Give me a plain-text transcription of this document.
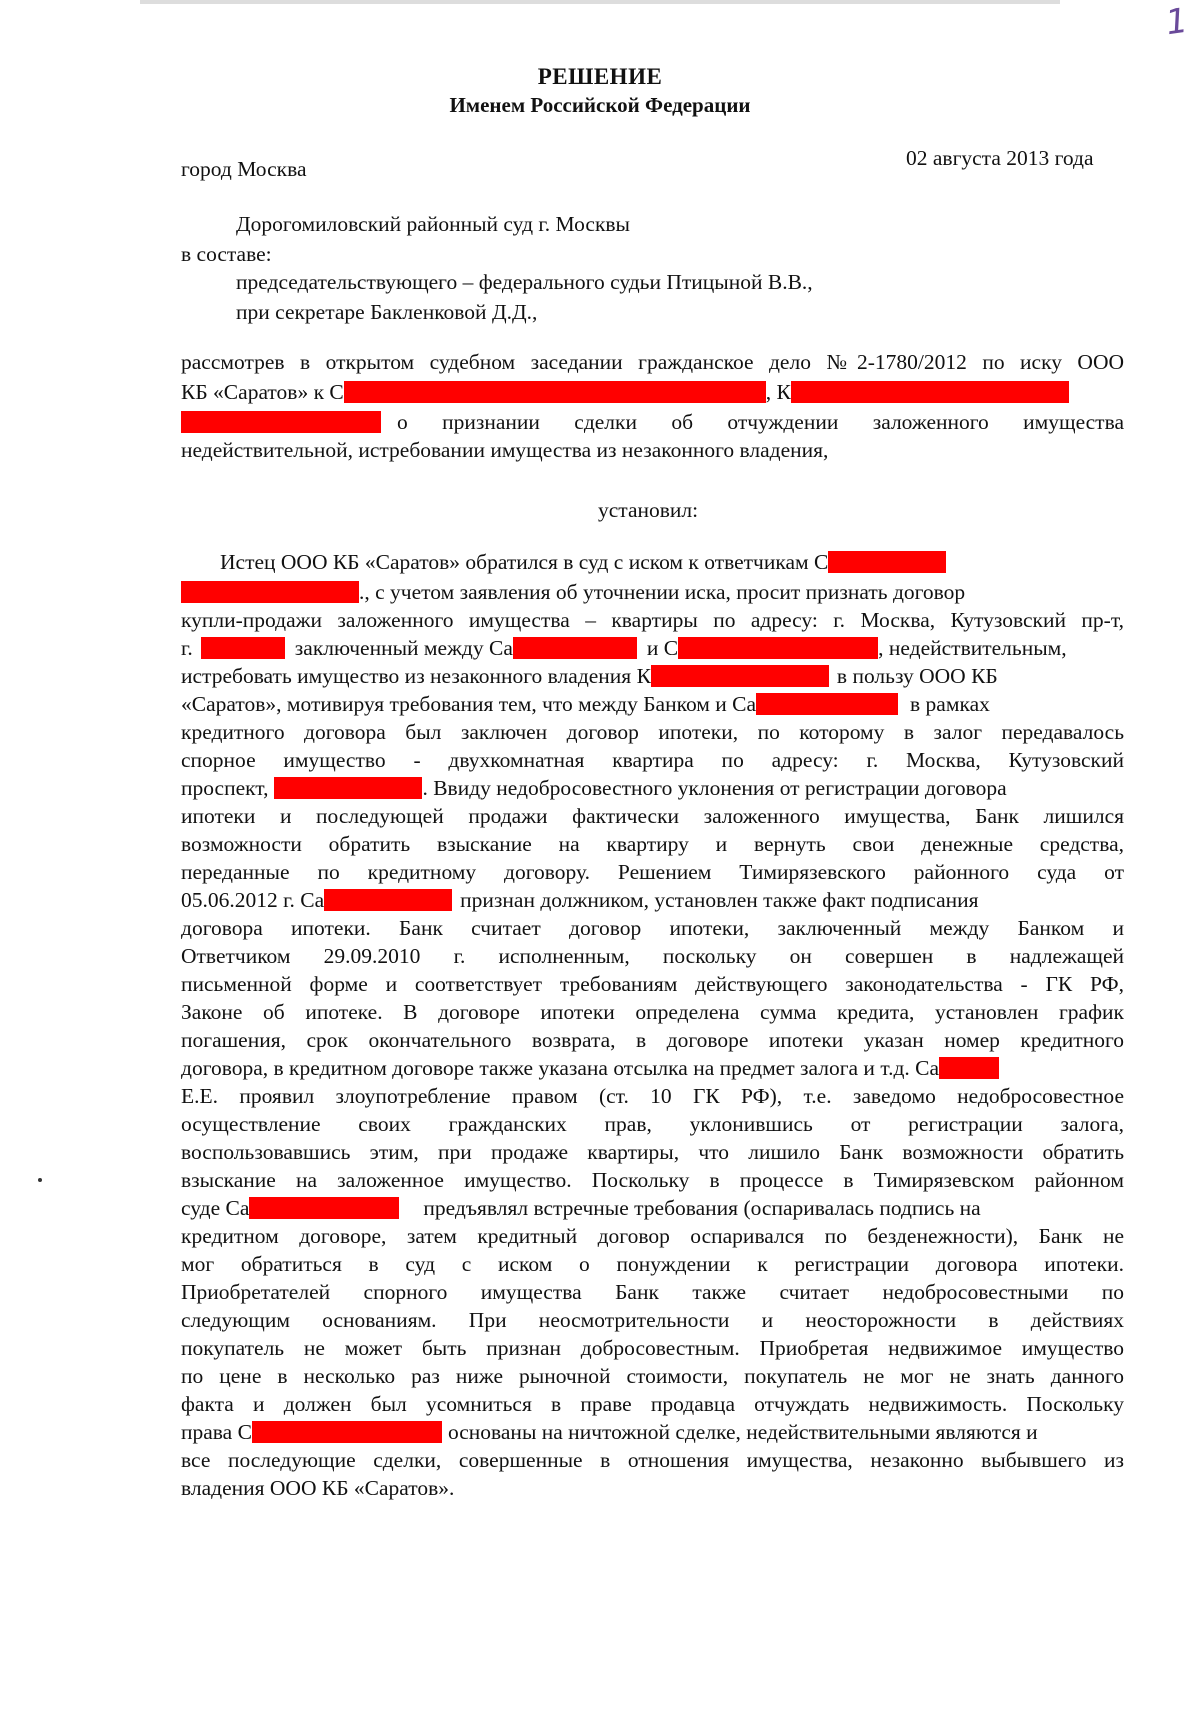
1
РЕШЕНИЕ
Именем Российской Федерации
город Москва	02 августа 2013 года
Дорогомиловский районный суд г. Москвы
в составе:
председательствующего – федерального судьи Птицыной В.В.,
при секретаре Бакленковой Д.Д.,
рассмотрев в открытом судебном заседании гражданское дело №2-1780/2012 по иску ООО
КБ «Саратов» к С	, К
о признании сделки об отчуждении заложенного имущества
недействительной, истребовании имущества из незаконного владения,
установил:
Истец ООО КБ «Саратов» обратился в суд с иском к ответчикам С
., с учетом заявления об уточнении иска, просит признать договор
купли-продажи заложенного имущества – квартиры по адресу: г. Москва, Кутузовский пр-т,
г.	заключенный между Са	и С	, недействительным,
истребовать имущество из незаконного владения К	в пользу ООО КБ
«Саратов», мотивируя требования тем, что между Банком и Са	в рамках
кредитного договора был заключен договор ипотеки, по которому в залог передавалось
спорное имущество - двухкомнатная квартира по адресу: г. Москва, Кутузовский
проспект,	. Ввиду недобросовестного уклонения от регистрации договора
ипотеки и последующей продажи фактически заложенного имущества, Банк лишился
возможности обратить взыскание на квартиру и вернуть свои денежные средства,
переданные по кредитному договору. Решением Тимирязевского районного суда от
05.06.2012 г. Са	признан должником, установлен также факт подписания
договора ипотеки. Банк считает договор ипотеки, заключенный между Банком и
Ответчиком 29.09.2010 г. исполненным, поскольку он совершен в надлежащей
письменной форме и соответствует требованиям действующего законодательства - ГК РФ,
Законе об ипотеке. В договоре ипотеки определена сумма кредита, установлен график
погашения, срок окончательного возврата, в договоре ипотеки указан номер кредитного
договора, в кредитном договоре также указана отсылка на предмет залога и т.д. Са
Е.Е. проявил злоупотребление правом (ст. 10 ГК РФ), т.е. заведомо недобросовестное
осуществление своих гражданских прав, уклонившись от регистрации залога,
воспользовавшись этим, при продаже квартиры, что лишило Банк возможности обратить
взыскание на заложенное имущество. Поскольку в процессе в Тимирязевском районном
суде Са	предъявлял встречные требования (оспаривалась подпись на
кредитном договоре, затем кредитный договор оспаривался по безденежности), Банк не
мог обратиться в суд с иском о понуждении к регистрации договора ипотеки.
Приобретателей спорного имущества Банк также считает недобросовестными по
следующим основаниям. При неосмотрительности и неосторожности в действиях
покупатель не может быть признан добросовестным. Приобретая недвижимое имущество
по цене в несколько раз ниже рыночной стоимости, покупатель не мог не знать данного
факта и должен был усомниться в праве продавца отчуждать недвижимость. Поскольку
права С	основаны на ничтожной сделке, недействительными являются и
все последующие сделки, совершенные в отношения имущества, незаконно выбывшего из
владения ООО КБ «Саратов».
